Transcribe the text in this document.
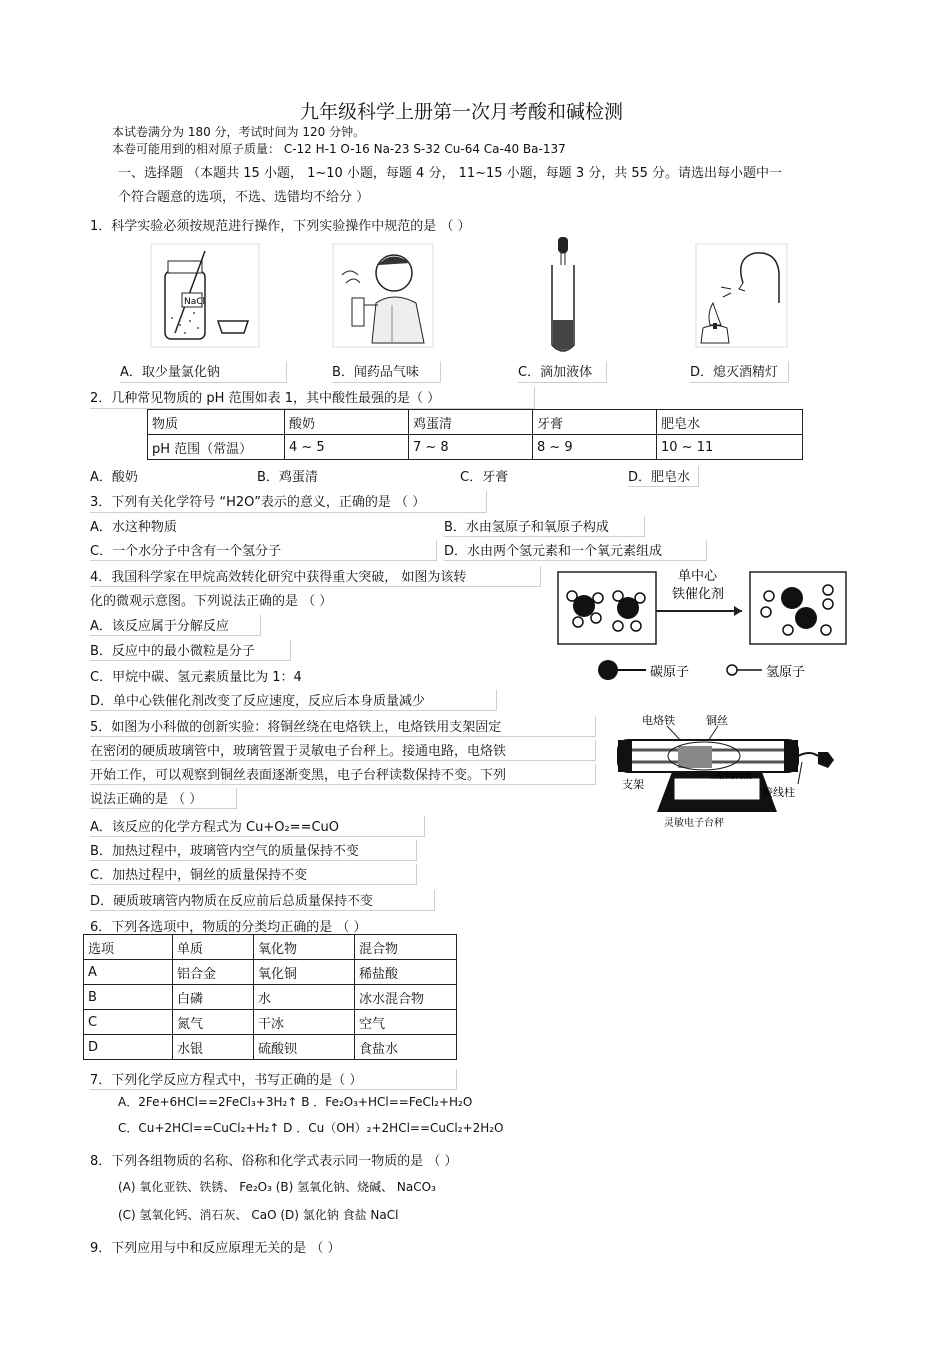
九年级科学上册第一次月考酸和碱检测
本试卷满分为 180 分，考试时间为 120 分钟。
本卷可能用到的相对原子质量： C-12 H-1 O-16 Na-23 S-32 Cu-64 Ca-40 Ba-137
一、选择题 （本题共 15 小题， 1~10 小题，每题 4 分， 11~15 小题，每题 3 分，共 55 分。请选出每小题中一
个符合题意的选项，不选、选错均不给分 ）
1．科学实验必须按规范进行操作，下列实验操作中规范的是 （ ）
NaCl
A．取少量氯化钠	B．闻药品气味	C．滴加液体	D．熄灭酒精灯
2．几种常见物质的 pH 范围如表 1，其中酸性最强的是（ ）
物质	酸奶	鸡蛋清	牙膏	肥皂水
pH 范围（常温）	4 ~ 5	7 ~ 8	8 ~ 9	10 ~ 11
A．酸奶	B．鸡蛋清	C．牙膏	D．肥皂水
3．下列有关化学符号 “H2O”表示的意义，正确的是 （ ）
A．水这种物质	B．水由氢原子和氧原子构成
C．一个水分子中含有一个氢分子	D．水由两个氢元素和一个氧元素组成
4．我国科学家在甲烷高效转化研究中获得重大突破， 如图为该转
化的微观示意图。下列说法正确的是 （ ）
A．该反应属于分解反应
B．反应中的最小微粒是分子
C．甲烷中碳、氢元素质量比为 1：4
D．单中心铁催化剂改变了反应速度，反应后本身质量减少
单中心
铁催化剂
碳原子	氢原子
5．如图为小科做的创新实验：将铜丝绕在电烙铁上，电烙铁用支架固定
在密闭的硬质玻璃管中，玻璃管置于灵敏电子台秤上。接通电路，电烙铁
开始工作，可以观察到铜丝表面逐渐变黑，电子台秤读数保持不变。下列
说法正确的是 （ ）
A．该反应的化学方程式为 Cu+O₂==CuO
B．加热过程中，玻璃管内空气的质量保持不变
C．加热过程中，铜丝的质量保持不变
D．硬质玻璃管内物质在反应前后总质量保持不变
电烙铁	铜丝
王刚食新绘制
支架
接线柱
灵敏电子台秤
6．下列各选项中，物质的分类均正确的是 （ ）
选项	单质	氧化物	混合物
A	铝合金	氧化铜	稀盐酸
B	白磷	水	冰水混合物
C	氮气	干冰	空气
D	水银	硫酸钡	食盐水
7．下列化学反应方程式中，书写正确的是（ ）
A．2Fe+6HCl==2FeCl₃+3H₂↑ B ．Fe₂O₃+HCl==FeCl₂+H₂O
C．Cu+2HCl==CuCl₂+H₂↑ D ．Cu（OH）₂+2HCl==CuCl₂+2H₂O
8．下列各组物质的名称、俗称和化学式表示同一物质的是 （ ）
(A) 氧化亚铁、铁锈、 Fe₂O₃ (B) 氢氧化钠、烧碱、 NaCO₃
(C) 氢氧化钙、消石灰、 CaO (D) 氯化钠 食盐 NaCl
9．下列应用与中和反应原理无关的是 （ ）
